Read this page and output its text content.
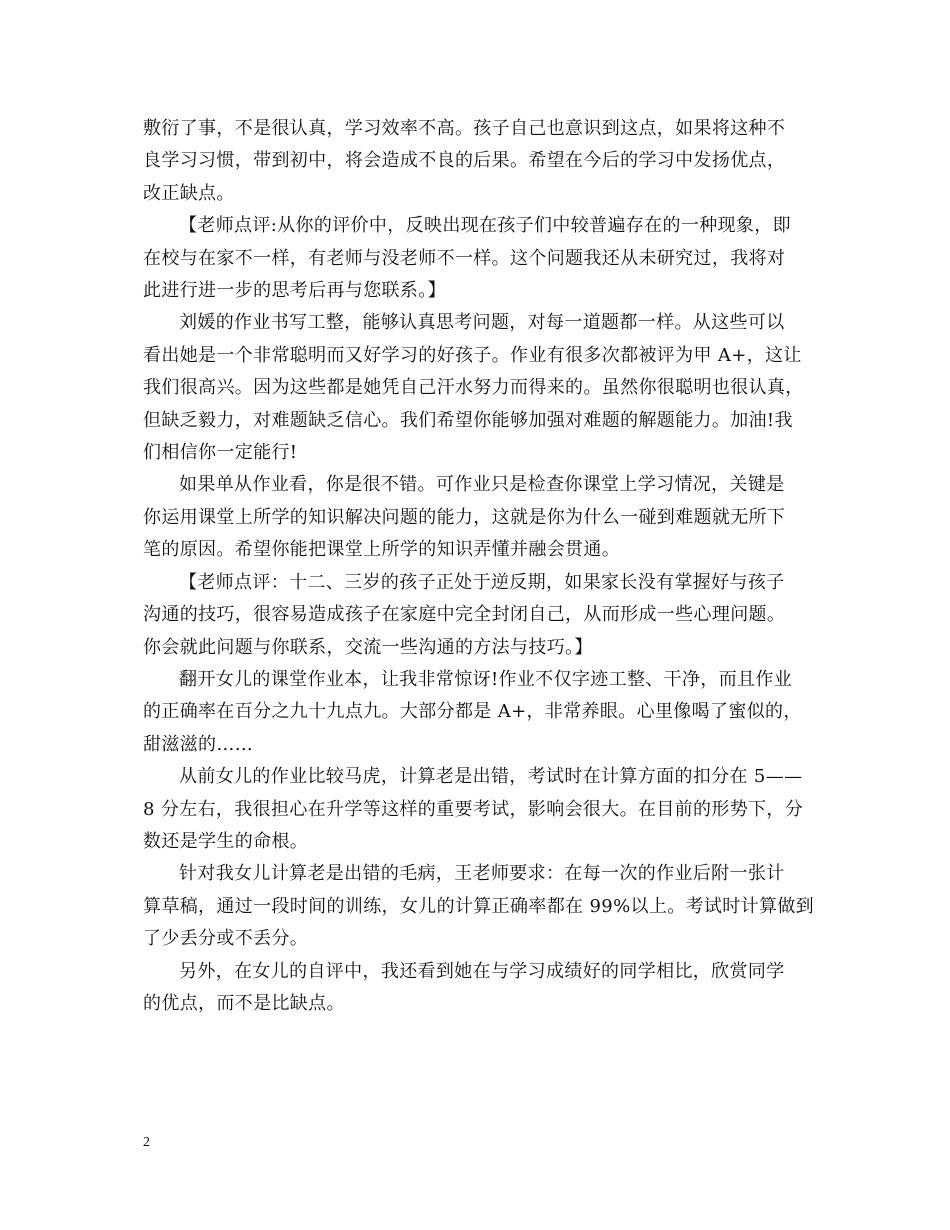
敷衍了事，不是很认真，学习效率不高。孩子自己也意识到这点，如果将这种不
良学习习惯，带到初中，将会造成不良的后果。希望在今后的学习中发扬优点，
改正缺点。

【老师点评:从你的评价中，反映出现在孩子们中较普遍存在的一种现象，即
在校与在家不一样，有老师与没老师不一样。这个问题我还从未研究过，我将对
此进行进一步的思考后再与您联系。】

刘媛的作业书写工整，能够认真思考问题，对每一道题都一样。从这些可以
看出她是一个非常聪明而又好学习的好孩子。作业有很多次都被评为甲 A+，这让
我们很高兴。因为这些都是她凭自己汗水努力而得来的。虽然你很聪明也很认真，
但缺乏毅力，对难题缺乏信心。我们希望你能够加强对难题的解题能力。加油!我
们相信你一定能行!

如果单从作业看，你是很不错。可作业只是检查你课堂上学习情况，关键是
你运用课堂上所学的知识解决问题的能力，这就是你为什么一碰到难题就无所下
笔的原因。希望你能把课堂上所学的知识弄懂并融会贯通。

【老师点评：十二、三岁的孩子正处于逆反期，如果家长没有掌握好与孩子
沟通的技巧，很容易造成孩子在家庭中完全封闭自己，从而形成一些心理问题。
你会就此问题与你联系，交流一些沟通的方法与技巧。】

翻开女儿的课堂作业本，让我非常惊讶!作业不仅字迹工整、干净，而且作业
的正确率在百分之九十九点九。大部分都是 A+，非常养眼。心里像喝了蜜似的，
甜滋滋的……

从前女儿的作业比较马虎，计算老是出错，考试时在计算方面的扣分在 5——
8 分左右，我很担心在升学等这样的重要考试，影响会很大。在目前的形势下，分
数还是学生的命根。

针对我女儿计算老是出错的毛病，王老师要求：在每一次的作业后附一张计
算草稿，通过一段时间的训练，女儿的计算正确率都在 99%以上。考试时计算做到
了少丢分或不丢分。

另外，在女儿的自评中，我还看到她在与学习成绩好的同学相比，欣赏同学
的优点，而不是比缺点。

2
